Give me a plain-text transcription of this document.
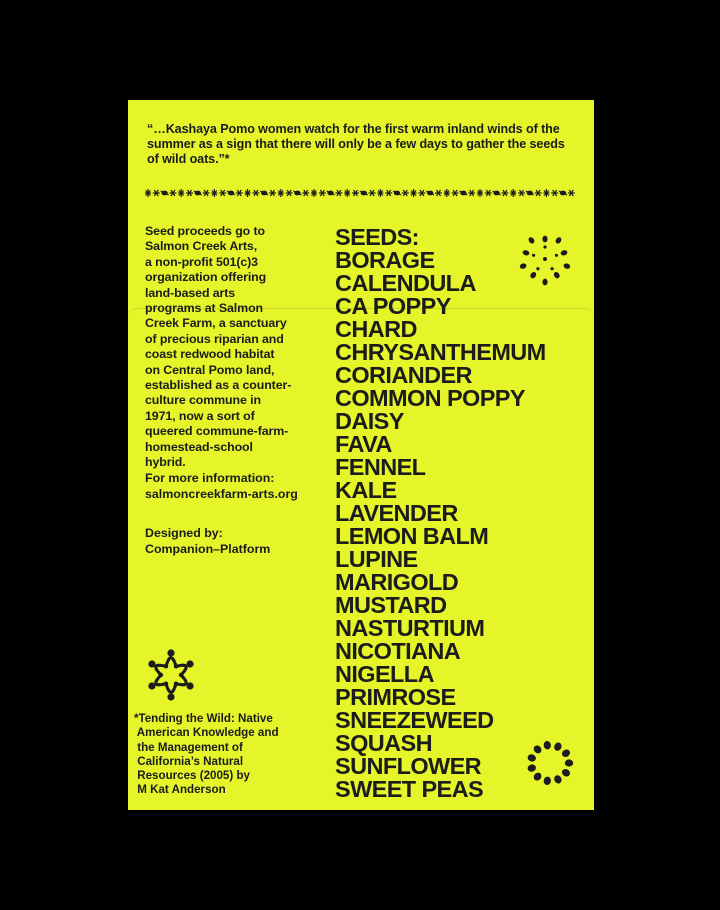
“…Kashaya Pomo women watch for the first warm inland winds of the summer as a sign that there will only be a few days to gather the seeds of wild oats.”*

Seed proceeds go to

Salmon Creek Arts,

a non-profit 501(c)3

organization offering

land-based arts

programs at Salmon

Creek Farm, a sanctuary

of precious riparian and

coast redwood habitat

on Central Pomo land,

established as a counter-

culture commune in

1971, now a sort of

queered commune-farm-

homestead-school

hybrid.

For more information:
salmoncreekfarm-arts.org
Designed by:
Companion–Platform
*Tending the Wild: Native
American Knowledge and
the Management of
California’s Natural
Resources (2005) by
M Kat Anderson
SEEDS:
BORAGE
CALENDULA
CA POPPY
CHARD
CHRYSANTHEMUM
CORIANDER
COMMON POPPY
DAISY
FAVA
FENNEL
KALE
LAVENDER
LEMON BALM
LUPINE
MARIGOLD
MUSTARD
NASTURTIUM
NICOTIANA
NIGELLA
PRIMROSE
SNEEZEWEED
SQUASH
SUNFLOWER
SWEET PEAS
